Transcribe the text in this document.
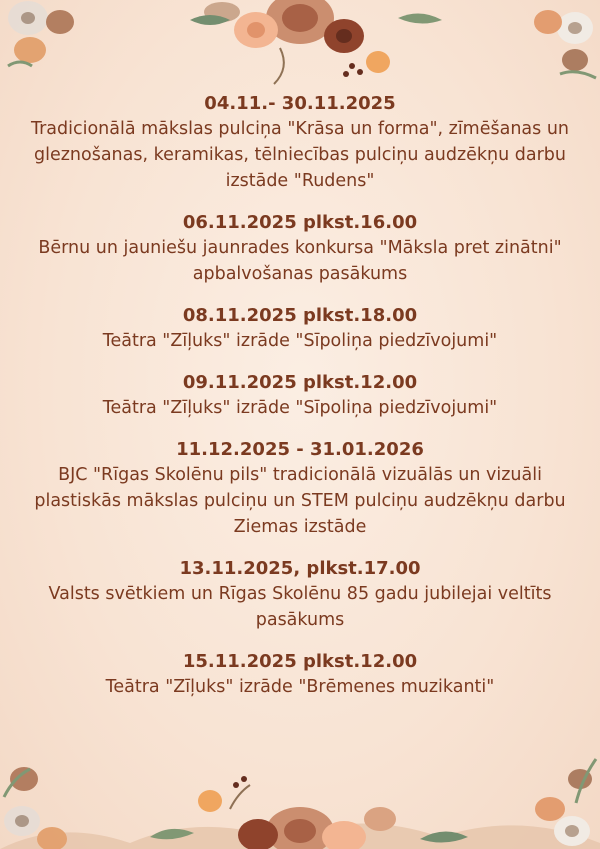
04.11.- 30.11.2025
Tradicionālā mākslas pulciņa "Krāsa un forma", zīmēšanas un gleznošanas, keramikas, tēlniecības pulciņu audzēkņu darbu izstāde "Rudens"
06.11.2025 plkst.16.00
Bērnu un jauniešu jaunrades konkursa "Māksla pret zinātni" apbalvošanas pasākums
08.11.2025 plkst.18.00
Teātra "Zīļuks" izrāde "Sīpoliņa piedzīvojumi"
09.11.2025 plkst.12.00
Teātra "Zīļuks" izrāde "Sīpoliņa piedzīvojumi"
11.12.2025 - 31.01.2026
BJC "Rīgas Skolēnu pils" tradicionālā vizuālās un vizuāli plastiskās mākslas pulciņu un STEM pulciņu audzēkņu darbu Ziemas izstāde
13.11.2025, plkst.17.00
Valsts svētkiem un Rīgas Skolēnu 85 gadu jubilejai veltīts pasākums
15.11.2025 plkst.12.00
Teātra "Zīļuks" izrāde "Brēmenes muzikanti"
